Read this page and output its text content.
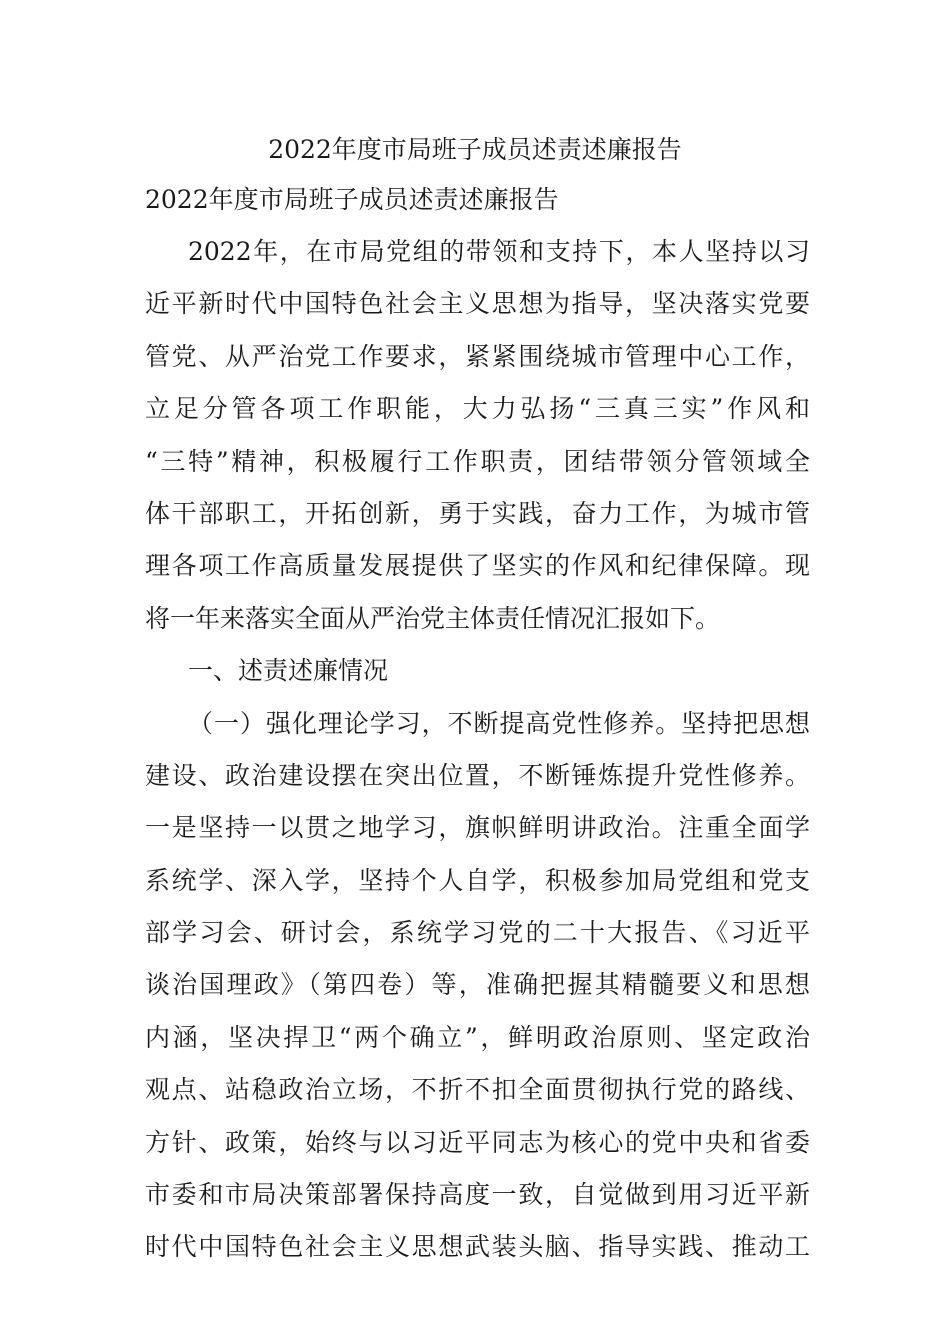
2022年度市局班子成员述责述廉报告
2022年度市局班子成员述责述廉报告
2022年，在市局党组的带领和支持下，本人坚持以习
近平新时代中国特色社会主义思想为指导，坚决落实党要
管党、从严治党工作要求，紧紧围绕城市管理中心工作，
立足分管各项工作职能，大力弘扬“三真三实”作风和
“三特”精神，积极履行工作职责，团结带领分管领域全
体干部职工，开拓创新，勇于实践，奋力工作，为城市管
理各项工作高质量发展提供了坚实的作风和纪律保障。现
将一年来落实全面从严治党主体责任情况汇报如下。
一、述责述廉情况
（一）强化理论学习，不断提高党性修养。坚持把思想
建设、政治建设摆在突出位置，不断锤炼提升党性修养。
一是坚持一以贯之地学习，旗帜鲜明讲政治。注重全面学
系统学、深入学，坚持个人自学，积极参加局党组和党支
部学习会、研讨会，系统学习党的二十大报告、《习近平
谈治国理政》（第四卷）等，准确把握其精髓要义和思想
内涵，坚决捍卫“两个确立”，鲜明政治原则、坚定政治
观点、站稳政治立场，不折不扣全面贯彻执行党的路线、
方针、政策，始终与以习近平同志为核心的党中央和省委
市委和市局决策部署保持高度一致，自觉做到用习近平新
时代中国特色社会主义思想武装头脑、指导实践、推动工
